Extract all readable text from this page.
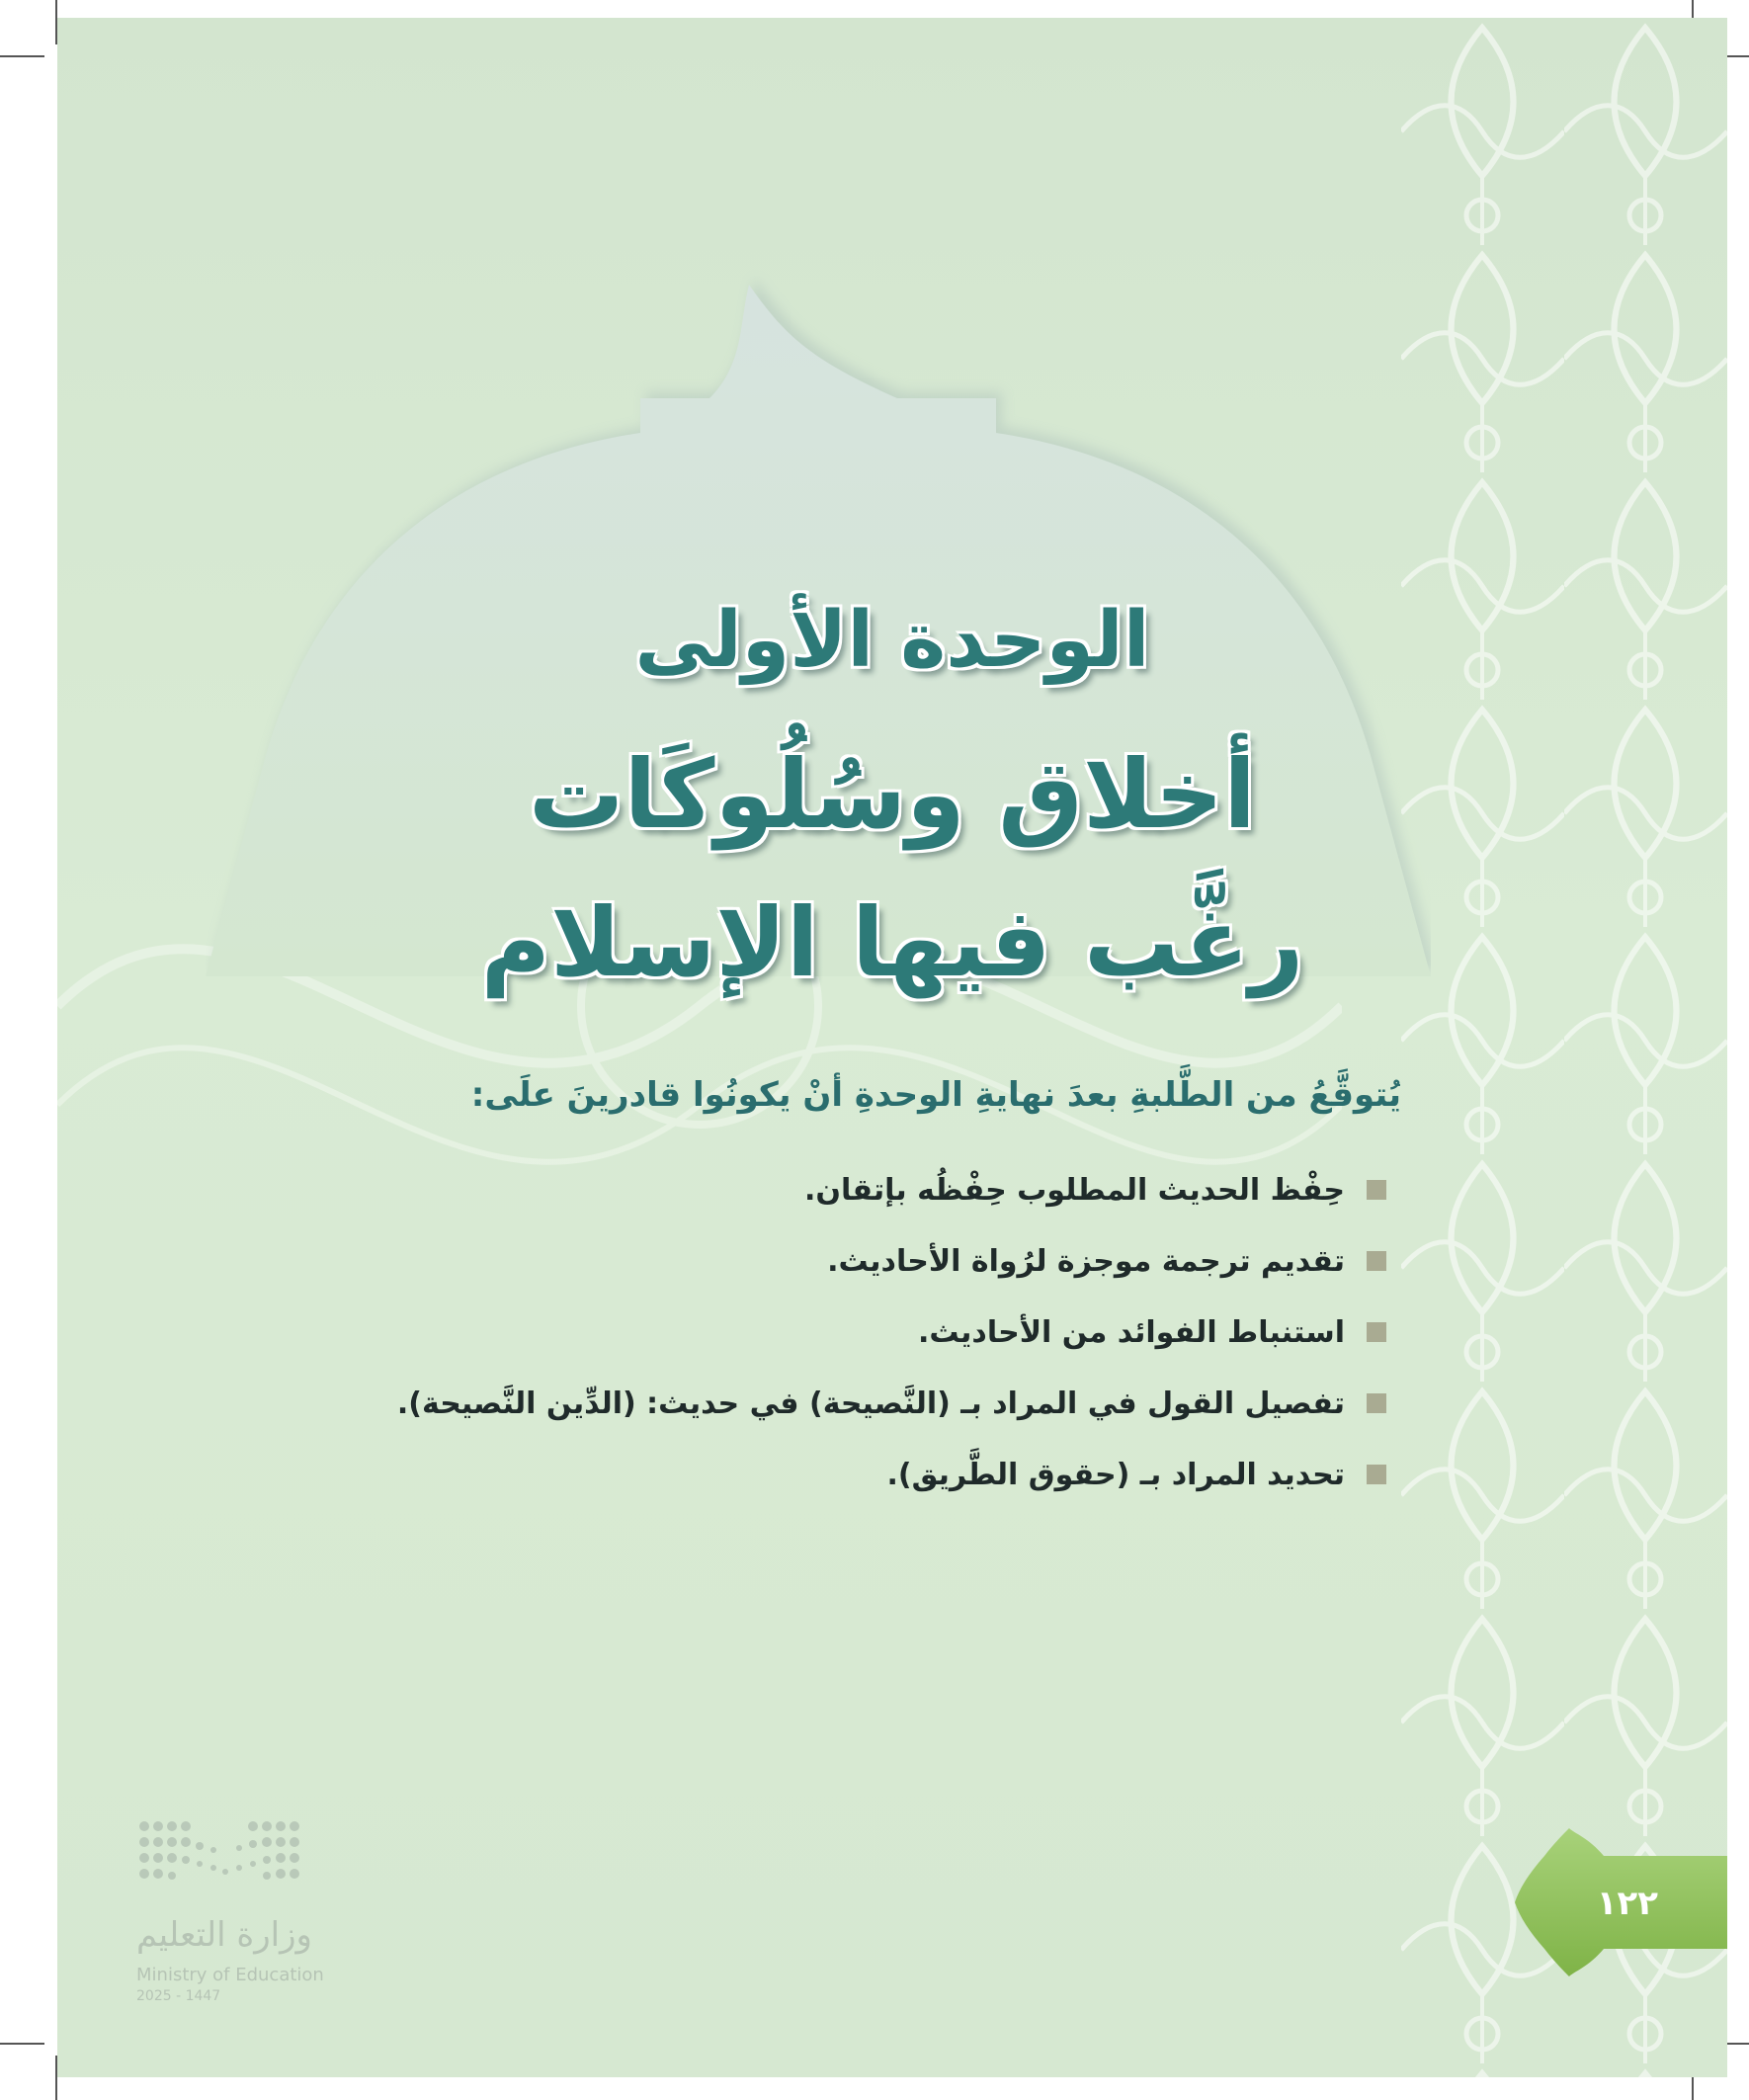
الوحدة الأولى
أخلاق وسُلُوكَات
رغَّب فيها الإسلام
يُتوقَّعُ من الطَّلبةِ بعدَ نهايةِ الوحدةِ أنْ يكونُوا قادرينَ علَى:
حِفْظ الحديث المطلوب حِفْظُه بإتقان.
تقديم ترجمة موجزة لرُواة الأحاديث.
استنباط الفوائد من الأحاديث.
تفصيل القول في المراد بـ (النَّصيحة) في حديث: (الدِّين النَّصيحة).
تحديد المراد بـ (حقوق الطَّريق).
١٢٢
وزارة التعليم
Ministry of Education
2025 - 1447
